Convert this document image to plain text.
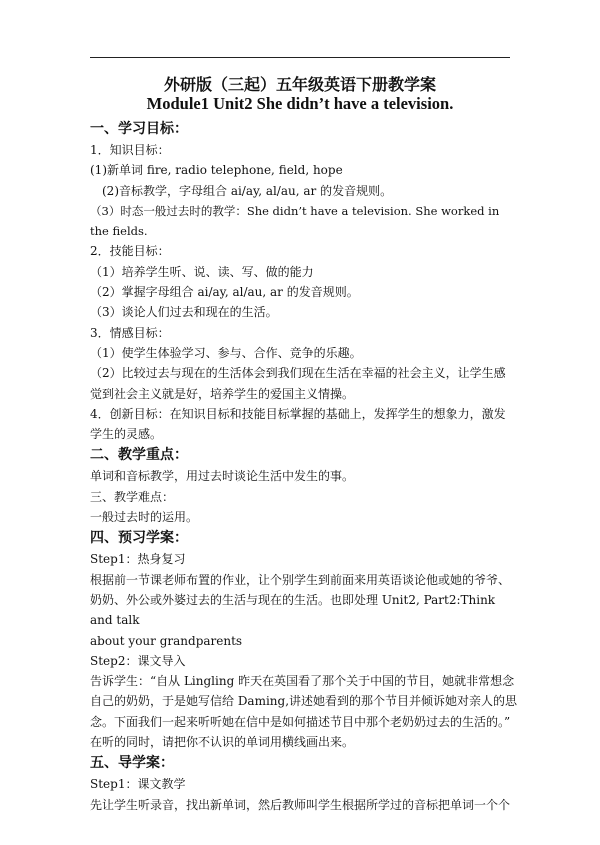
外研版（三起）五年级英语下册教学案
Module1 Unit2 She didn’t have a television.

一、学习目标：

1．知识目标：

(1)新单词 fire, radio telephone, field, hope

(2)音标教学，字母组合 ai/ay, al/au, ar 的发音规则。

（3）时态一般过去时的教学：She didn’t have a television. She worked in the fields.

2．技能目标：

（1）培养学生听、说、读、写、做的能力

（2）掌握字母组合 ai/ay, al/au, ar 的发音规则。

（3）谈论人们过去和现在的生活。

3．情感目标：

（1）使学生体验学习、参与、合作、竞争的乐趣。

（2）比较过去与现在的生活体会到我们现在生活在幸福的社会主义，让学生感

觉到社会主义就是好，培养学生的爱国主义情操。

4．创新目标：在知识目标和技能目标掌握的基础上，发挥学生的想象力，激发

学生的灵感。

二、教学重点：

单词和音标教学，用过去时谈论生活中发生的事。

三、教学难点：

一般过去时的运用。

四、预习学案：

Step1：热身复习

根据前一节课老师布置的作业，让个别学生到前面来用英语谈论他或她的爷爷、

奶奶、外公或外婆过去的生活与现在的生活。也即处理 Unit2, Part2:Think and talk

about your grandparents

Step2：课文导入

告诉学生：“自从 Lingling 昨天在英国看了那个关于中国的节目，她就非常想念

自己的奶奶，于是她写信给 Daming,讲述她看到的那个节目并倾诉她对亲人的思

念。下面我们一起来听听她在信中是如何描述节目中那个老奶奶过去的生活的。”

在听的同时，请把你不认识的单词用横线画出来。

五、导学案：

Step1：课文教学

先让学生听录音，找出新单词，然后教师叫学生根据所学过的音标把单词一个个
